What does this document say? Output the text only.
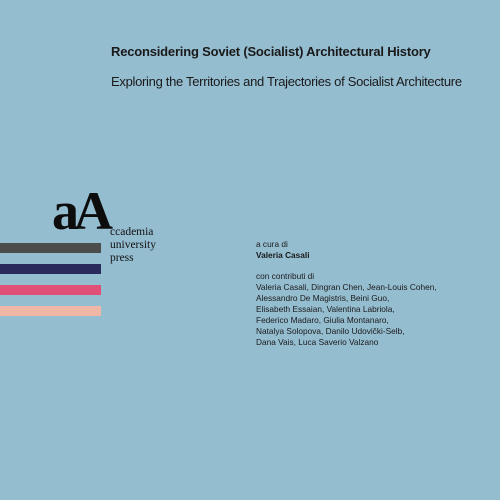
Reconsidering Soviet (Socialist) Architectural History
Exploring the Territories and Trajectories of Socialist Architecture
aA ccademia
university
press
a cura di
Valeria Casali
con contributi di
Valeria Casali, Dingran Chen, Jean-Louis Cohen,
Alessandro De Magistris, Beini Guo,
Elisabeth Essaian, Valentina Labriola,
Federico Madaro, Giulia Montanaro,
Natalya Solopova, Danilo Udovički-Selb,
Dana Vais, Luca Saverio Valzano
